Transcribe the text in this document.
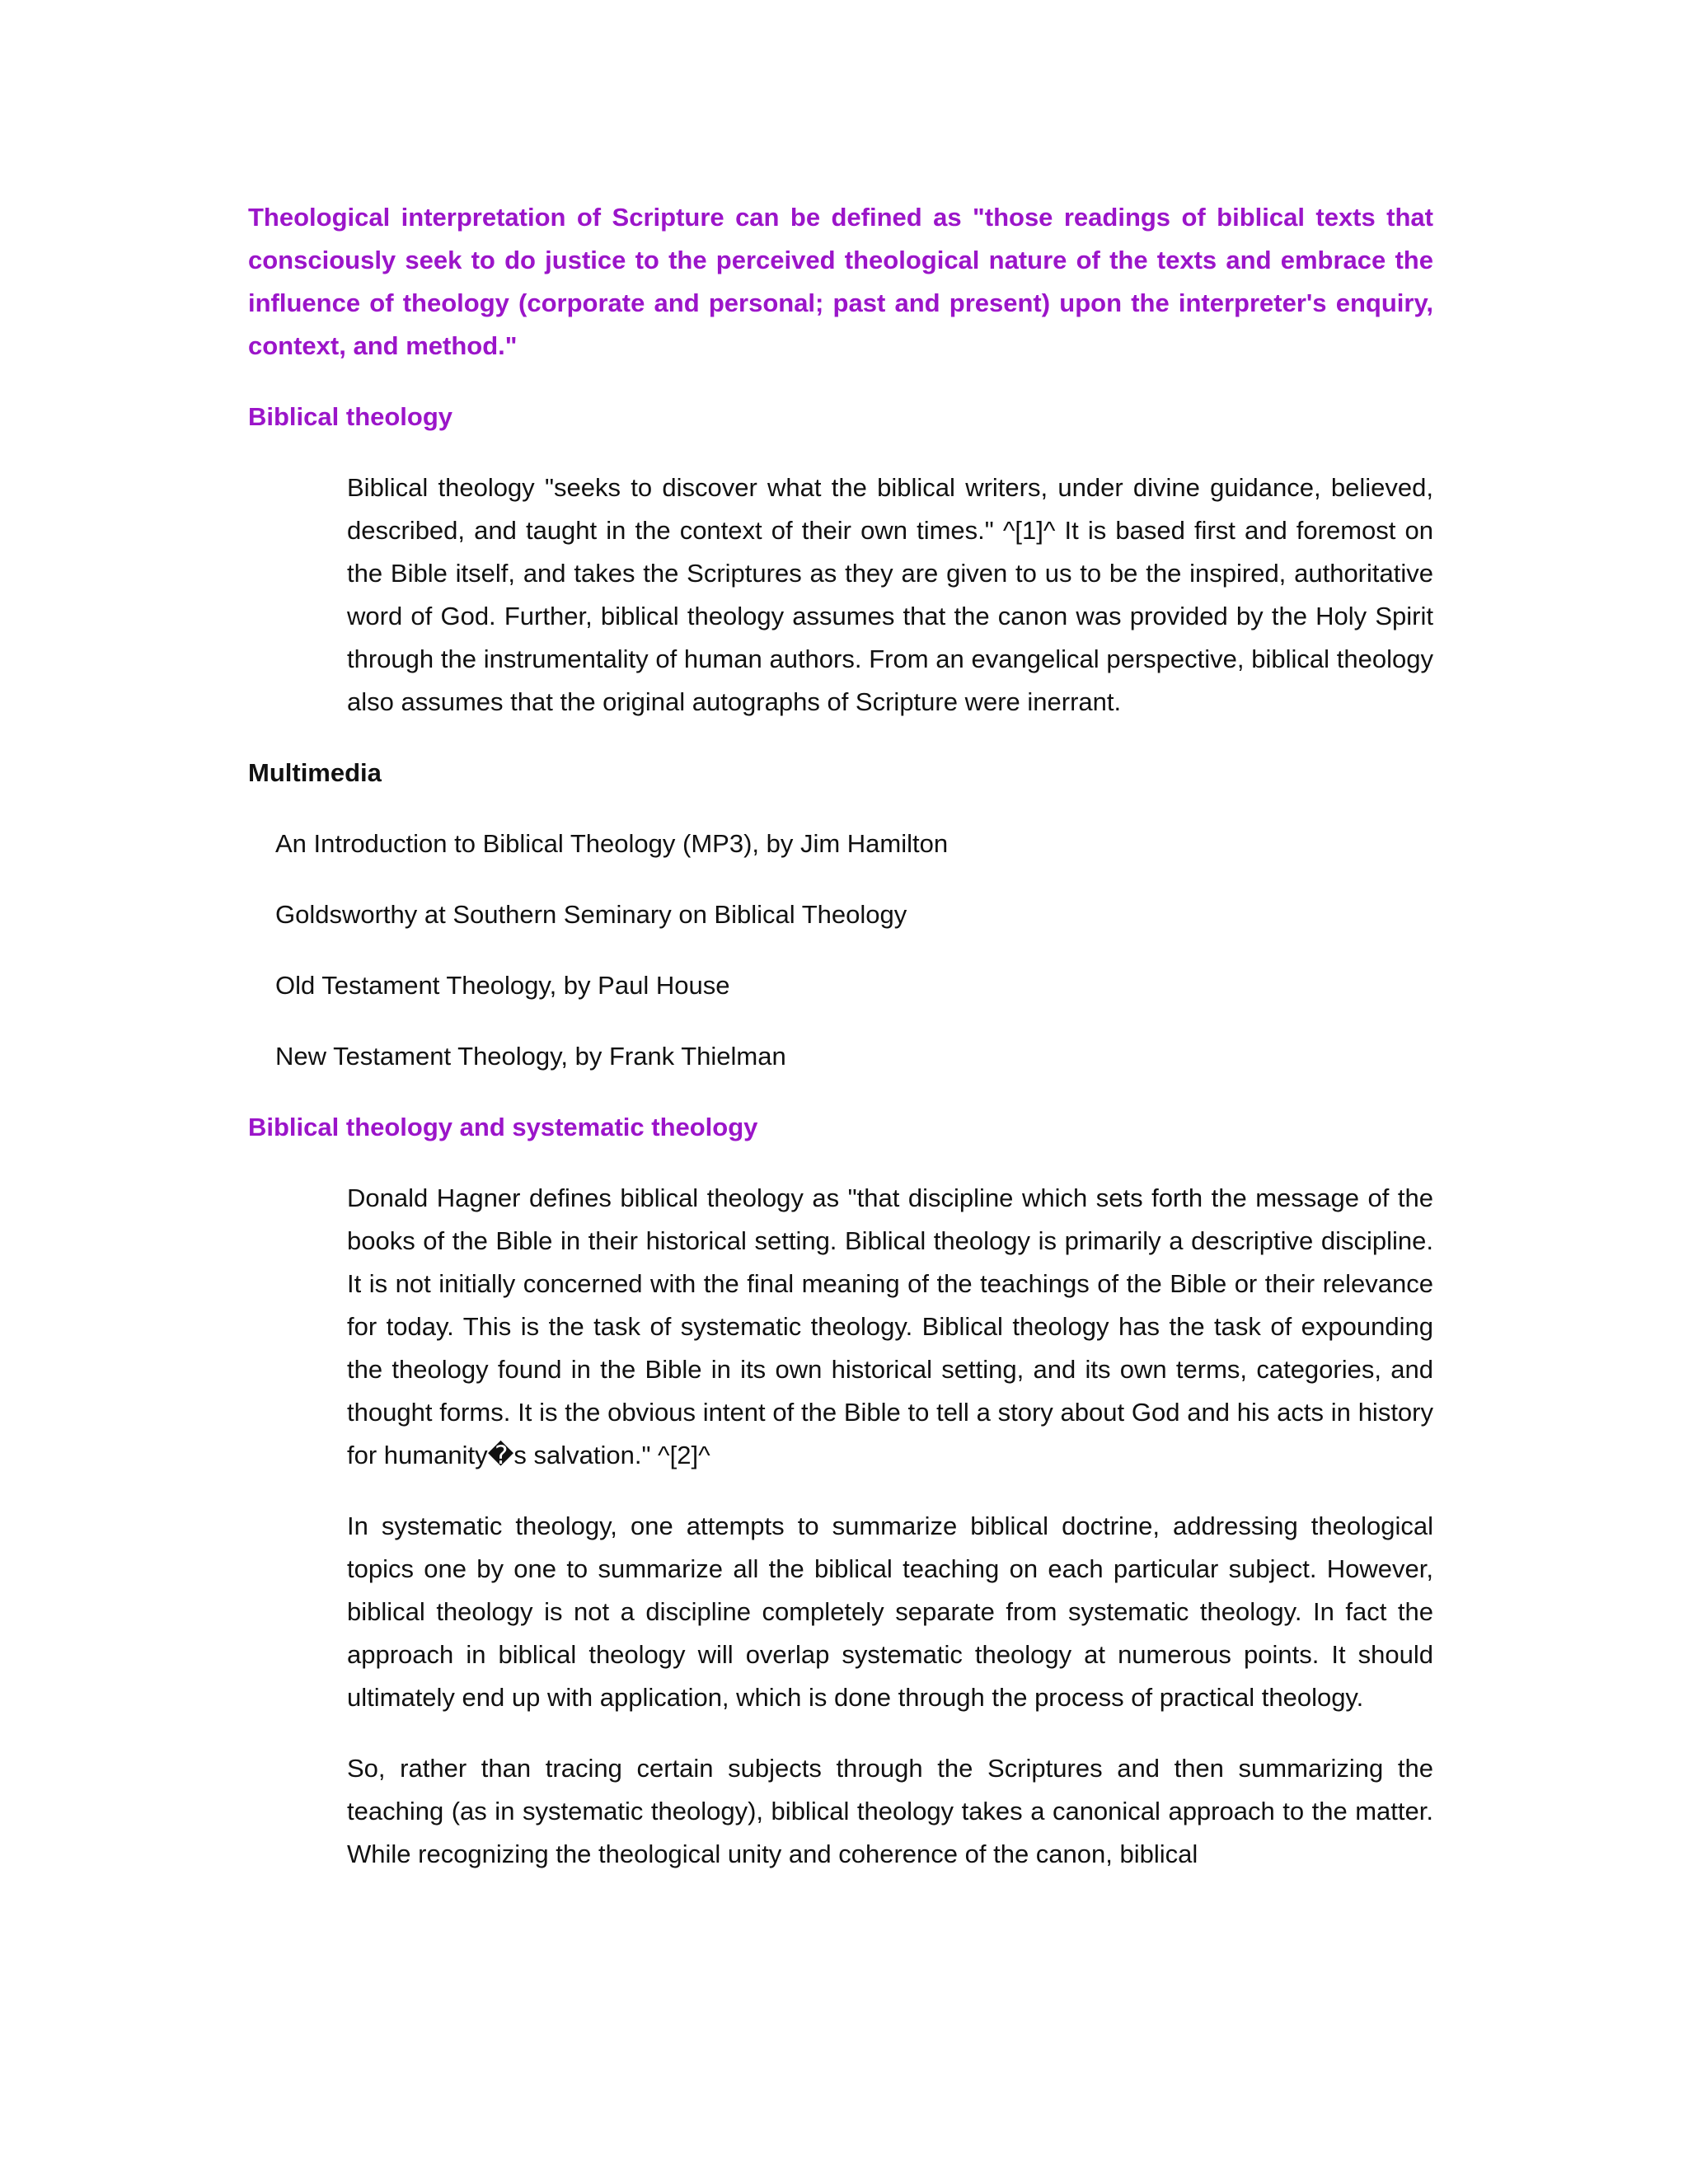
Theological interpretation of Scripture can be defined as "those readings of biblical texts that consciously seek to do justice to the perceived theological nature of the texts and embrace the influence of theology (corporate and personal; past and present) upon the interpreter's enquiry, context, and method."

Biblical theology

Biblical theology "seeks to discover what the biblical writers, under divine guidance, believed, described, and taught in the context of their own times." ^[1]^ It is based first and foremost on the Bible itself, and takes the Scriptures as they are given to us to be the inspired, authoritative word of God. Further, biblical theology assumes that the canon was provided by the Holy Spirit through the instrumentality of human authors. From an evangelical perspective, biblical theology also assumes that the original autographs of Scripture were inerrant.

Multimedia
An Introduction to Biblical Theology (MP3), by Jim Hamilton
Goldsworthy at Southern Seminary on Biblical Theology
Old Testament Theology, by Paul House
New Testament Theology, by Frank Thielman
Biblical theology and systematic theology

Donald Hagner defines biblical theology as "that discipline which sets forth the message of the books of the Bible in their historical setting. Biblical theology is primarily a descriptive discipline. It is not initially concerned with the final meaning of the teachings of the Bible or their relevance for today. This is the task of systematic theology. Biblical theology has the task of expounding the theology found in the Bible in its own historical setting, and its own terms, categories, and thought forms. It is the obvious intent of the Bible to tell a story about God and his acts in history for humanity�s salvation." ^[2]^

In systematic theology, one attempts to summarize biblical doctrine, addressing theological topics one by one to summarize all the biblical teaching on each particular subject. However, biblical theology is not a discipline completely separate from systematic theology. In fact the approach in biblical theology will overlap systematic theology at numerous points. It should ultimately end up with application, which is done through the process of practical theology.

So, rather than tracing certain subjects through the Scriptures and then summarizing the teaching (as in systematic theology), biblical theology takes a canonical approach to the matter. While recognizing the theological unity and coherence of the canon, biblical
